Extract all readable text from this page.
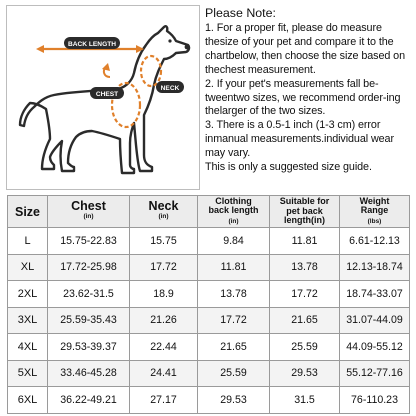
BACK LENGTH
NECK
CHEST
Please Note:

1. For a proper fit, please do measure thesize of your pet and compare it to the chartbelow, then choose the size based on thechest measurement.

2. If your pet's measurements fall be-tweentwo sizes, we recommend order-ing thelarger of the two sizes.

3. There is a 0.5-1 inch (1-3 cm) error inmanual measurements.individual wear may vary.

This is only a suggested size guide.

Size	Chest
(in)	Neck
(in)	Clothing
back length
(in)	Suitable for
pet back
length(in)	Weight
Range
(lbs)

L	15.75-22.83	15.75	9.84	11.81	6.61-12.13
XL	17.72-25.98	17.72	11.81	13.78	12.13-18.74
2XL	23.62-31.5	18.9	13.78	17.72	18.74-33.07
3XL	25.59-35.43	21.26	17.72	21.65	31.07-44.09
4XL	29.53-39.37	22.44	21.65	25.59	44.09-55.12
5XL	33.46-45.28	24.41	25.59	29.53	55.12-77.16
6XL	36.22-49.21	27.17	29.53	31.5	76-110.23
